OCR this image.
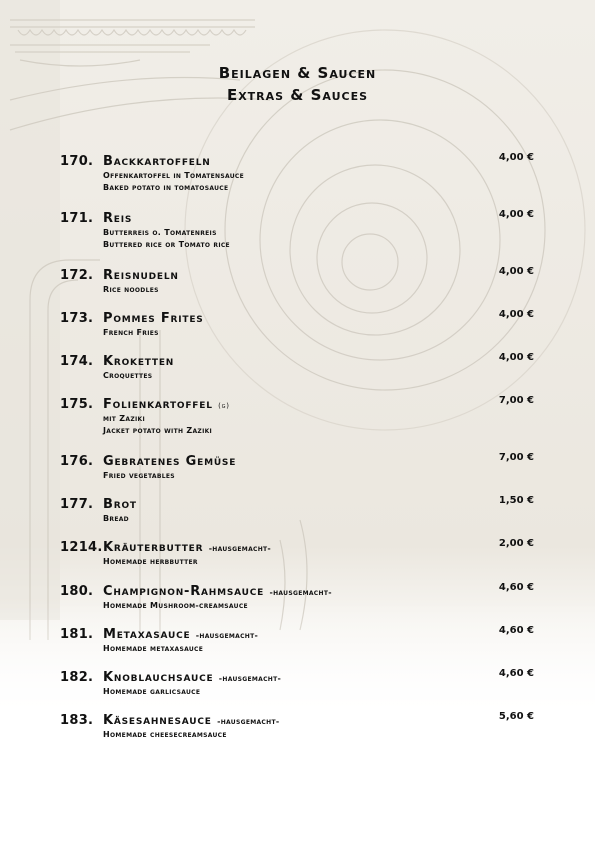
Beilagen & Saucen
Extras & Sauces
170. Backkartoffeln
Offenkartoffel in Tomatensauce
Baked potato in tomatosauce
4,00 €
171. Reis
Butterreis o. Tomatenreis
Buttered rice or Tomato rice
4,00 €
172. Reisnudeln
Rice noodles
4,00 €
173. Pommes Frites
French Fries
4,00 €
174. Kroketten
Croquettes
4,00 €
175. Folienkartoffel (g)
mit Zaziki
Jacket potato with Zaziki
7,00 €
176. Gebratenes Gemüse
Fried vegetables
7,00 €
177. Brot
Bread
1,50 €
1214. Kräuterbutter -hausgemacht-
Homemade herbbutter
2,00 €
180. Champignon-Rahmsauce -hausgemacht-
Homemade Mushroom-creamsauce
4,60 €
181. Metaxasauce -hausgemacht-
Homemade metaxasauce
4,60 €
182. Knoblauchsauce -hausgemacht-
Homemade garlicsauce
4,60 €
183. Käsesahnesauce -hausgemacht-
Homemade cheesecreamsauce
5,60 €
